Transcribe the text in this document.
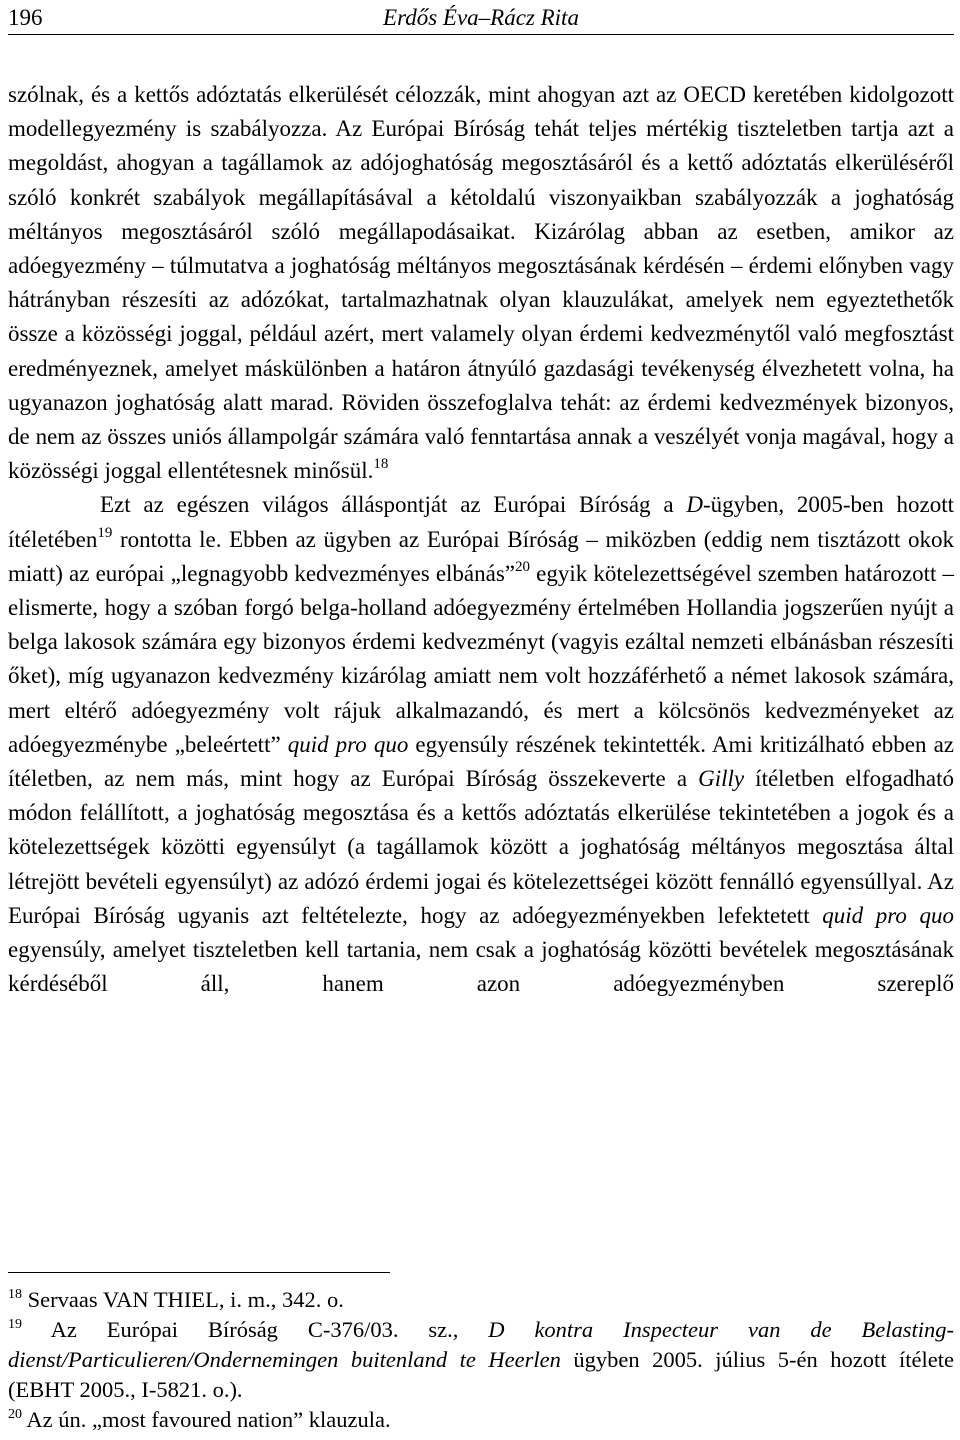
196	Erdős Éva–Rácz Rita

szólnak, és a kettős adóztatás elkerülését célozzák, mint ahogyan azt az OECD keretében kidolgozott modellegyezmény is szabályozza. Az Európai Bíróság tehát teljes mértékig tiszteletben tartja azt a megoldást, ahogyan a tagállamok az adójoghatóság megosztásáról és a kettő adóztatás elkerüléséről szóló konkrét szabályok megállapításával a kétoldalú viszonyaikban szabályozzák a joghatóság méltányos megosztásáról szóló megállapodásaikat. Kizárólag abban az esetben, amikor az adóegyezmény – túlmutatva a joghatóság méltányos megosztásának kérdésén – érdemi előnyben vagy hátrányban részesíti az adózókat, tartalmazhatnak olyan klauzulákat, amelyek nem egyeztethetők össze a közösségi joggal, például azért, mert valamely olyan érdemi kedvezménytől való megfosztást eredményeznek, amelyet máskülönben a határon átnyúló gazdasági tevékenység élvezhetett volna, ha ugyanazon joghatóság alatt marad. Röviden összefoglalva tehát: az érdemi kedvezmények bizonyos, de nem az összes uniós állampolgár számára való fenntartása annak a veszélyét vonja magával, hogy a közösségi joggal ellentétesnek minősül.$^{18}$

Ezt az egészen világos álláspontját az Európai Bíróság a D-ügyben, 2005-ben hozott ítéletében$^{19}$ rontotta le. Ebben az ügyben az Európai Bíróság – miközben (eddig nem tisztázott okok miatt) az európai „legnagyobb kedvezményes elbánás”$^{20}$ egyik kötelezettségével szemben határozott – elismerte, hogy a szóban forgó belga-holland adóegyezmény értelmében Hollandia jogszerűen nyújt a belga lakosok számára egy bizonyos érdemi kedvezményt (vagyis ezáltal nemzeti elbánásban részesíti őket), míg ugyanazon kedvezmény kizárólag amiatt nem volt hozzáférhető a német lakosok számára, mert eltérő adóegyezmény volt rájuk alkalmazandó, és mert a kölcsönös kedvezményeket az adóegyezménybe „beleértett” quid pro quo egyensúly részének tekintették. Ami kritizálható ebben az ítéletben, az nem más, mint hogy az Európai Bíróság összekeverte a Gilly ítéletben elfogadható módon felállított, a joghatóság megosztása és a kettős adóztatás elkerülése tekintetében a jogok és a kötelezettségek közötti egyensúlyt (a tagállamok között a joghatóság méltányos megosztása által létrejött bevételi egyensúlyt) az adózó érdemi jogai és kötelezettségei között fennálló egyensúllyal. Az Európai Bíróság ugyanis azt feltételezte, hogy az adóegyezményekben lefektetett quid pro quo egyensúly, amelyet tiszteletben kell tartania, nem csak a joghatóság közötti bevételek megosztásának kérdéséből áll, hanem azon adóegyezményben szereplő

$^{18}$ Servaas VAN THIEL, i. m., 342. o.

$^{19}$ Az Európai Bíróság C-376/03. sz., D kontra Inspecteur van de Belasting-dienst/Particulieren/Ondernemingen buitenland te Heerlen ügyben 2005. július 5-én hozott ítélete (EBHT 2005., I-5821. o.).

$^{20}$ Az ún. „most favoured nation” klauzula.
